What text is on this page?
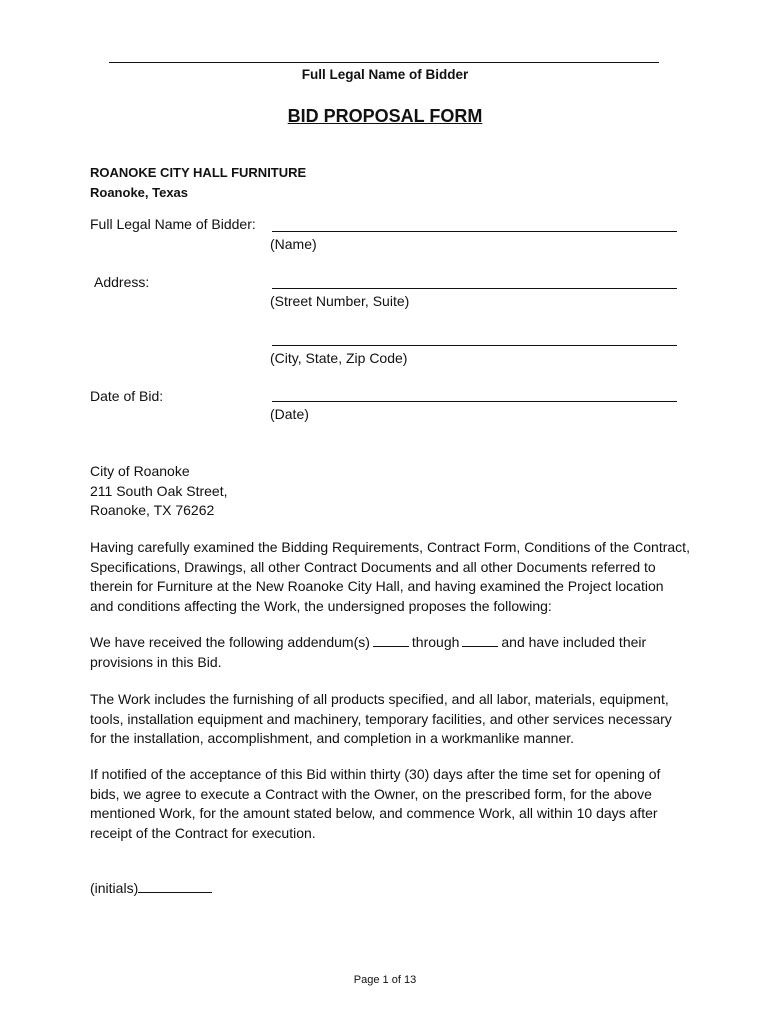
Full Legal Name of Bidder
BID PROPOSAL FORM
ROANOKE CITY HALL FURNITURE
Roanoke, Texas
Full Legal Name of Bidder:
(Name)
Address:
(Street Number, Suite)
(City, State, Zip Code)
Date of Bid:
(Date)
City of Roanoke
211 South Oak Street,
Roanoke, TX 76262
Having carefully examined the Bidding Requirements, Contract Form, Conditions of the Contract, Specifications, Drawings, all other Contract Documents and all other Documents referred to therein for Furniture at the New Roanoke City Hall, and having examined the Project location and conditions affecting the Work, the undersigned proposes the following:
We have received the following addendum(s)	through	and have included their provisions in this Bid.
The Work includes the furnishing of all products specified, and all labor, materials, equipment, tools, installation equipment and machinery, temporary facilities, and other services necessary for the installation, accomplishment, and completion in a workmanlike manner.
If notified of the acceptance of this Bid within thirty (30) days after the time set for opening of bids, we agree to execute a Contract with the Owner, on the prescribed form, for the above mentioned Work, for the amount stated below, and commence Work, all within 10 days after receipt of the Contract for execution.
(initials)
Page 1 of 13
